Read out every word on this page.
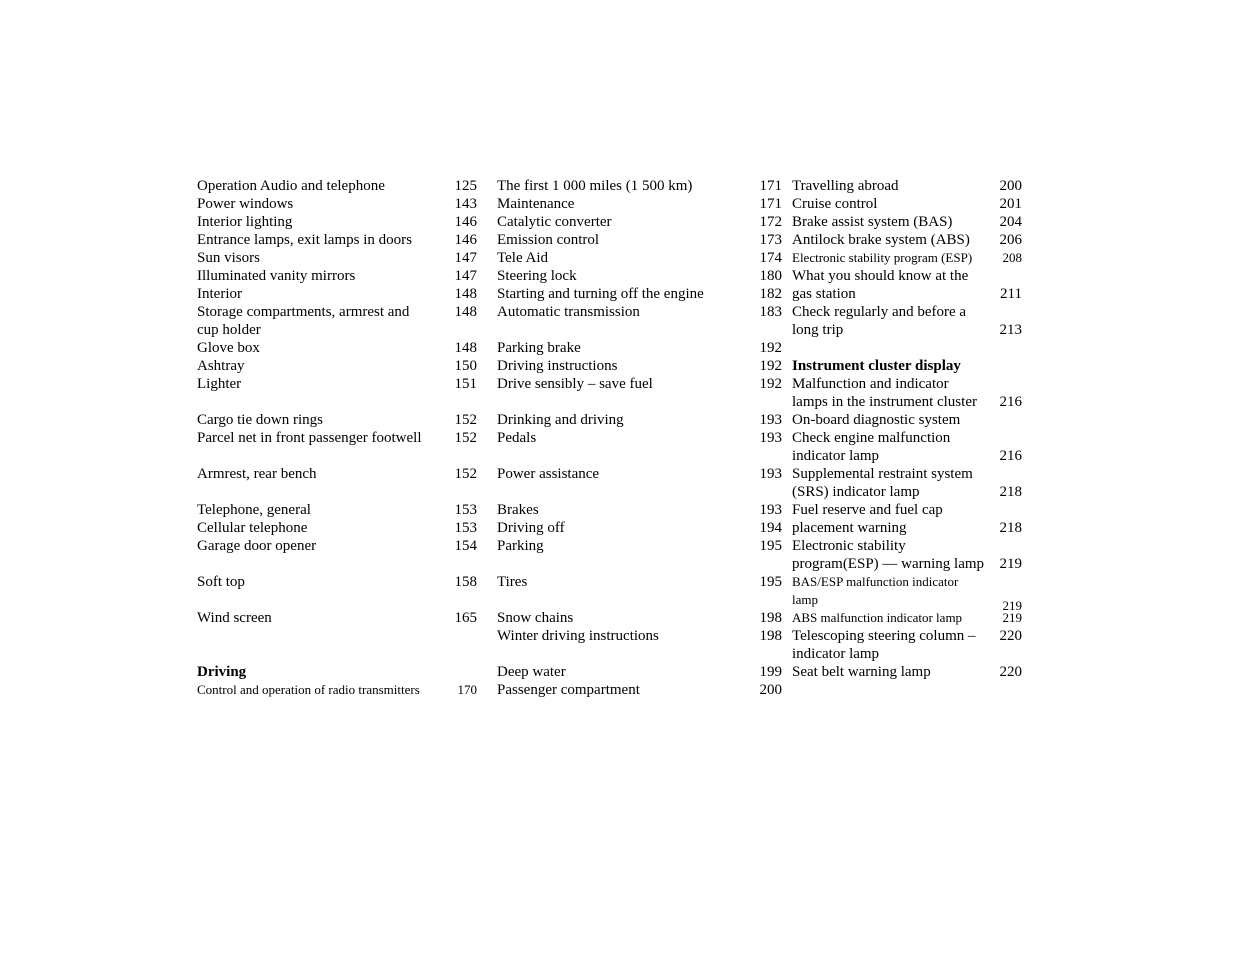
Operation Audio and telephone	125
Power windows	143
Interior lighting	146
Entrance lamps, exit lamps in doors	146
Sun visors	147
Illuminated vanity mirrors	147
Interior	148
Storage compartments, armrest and	148
cup holder
Glove box	148
Ashtray	150
Lighter	151
Cargo tie down rings	152
Parcel net in front passenger footwell	152
Armrest, rear bench	152
Telephone, general	153
Cellular telephone	153
Garage door opener	154
Soft top	158
Wind screen	165
Driving
Control and operation of radio transmitters	170
The first 1 000 miles (1 500 km)	171
Maintenance	171
Catalytic converter	172
Emission control	173
Tele Aid	174
Steering lock	180
Starting and turning off the engine	182
Automatic transmission	183
Parking brake	192
Driving instructions	192
Drive sensibly – save fuel	192
Drinking and driving	193
Pedals	193
Power assistance	193
Brakes	193
Driving off	194
Parking	195
Tires	195
Snow chains	198
Winter driving instructions	198
Deep water	199
Passenger compartment	200
Travelling abroad	200
Cruise control	201
Brake assist system (BAS)	204
Antilock brake system (ABS)	206
Electronic stability program (ESP)	208
What you should know at the
gas station	211
Check regularly and before a
long trip	213
Instrument cluster display
Malfunction and indicator
lamps in the instrument cluster	216
On-board diagnostic system
Check engine malfunction
indicator lamp	216
Supplemental restraint system
(SRS) indicator lamp	218
Fuel reserve and fuel cap
placement warning	218
Electronic stability
program(ESP) — warning lamp	219
BAS/ESP malfunction indicator
lamp	219
ABS malfunction indicator lamp	219
Telescoping steering column –	220
indicator lamp
Seat belt warning lamp	220
